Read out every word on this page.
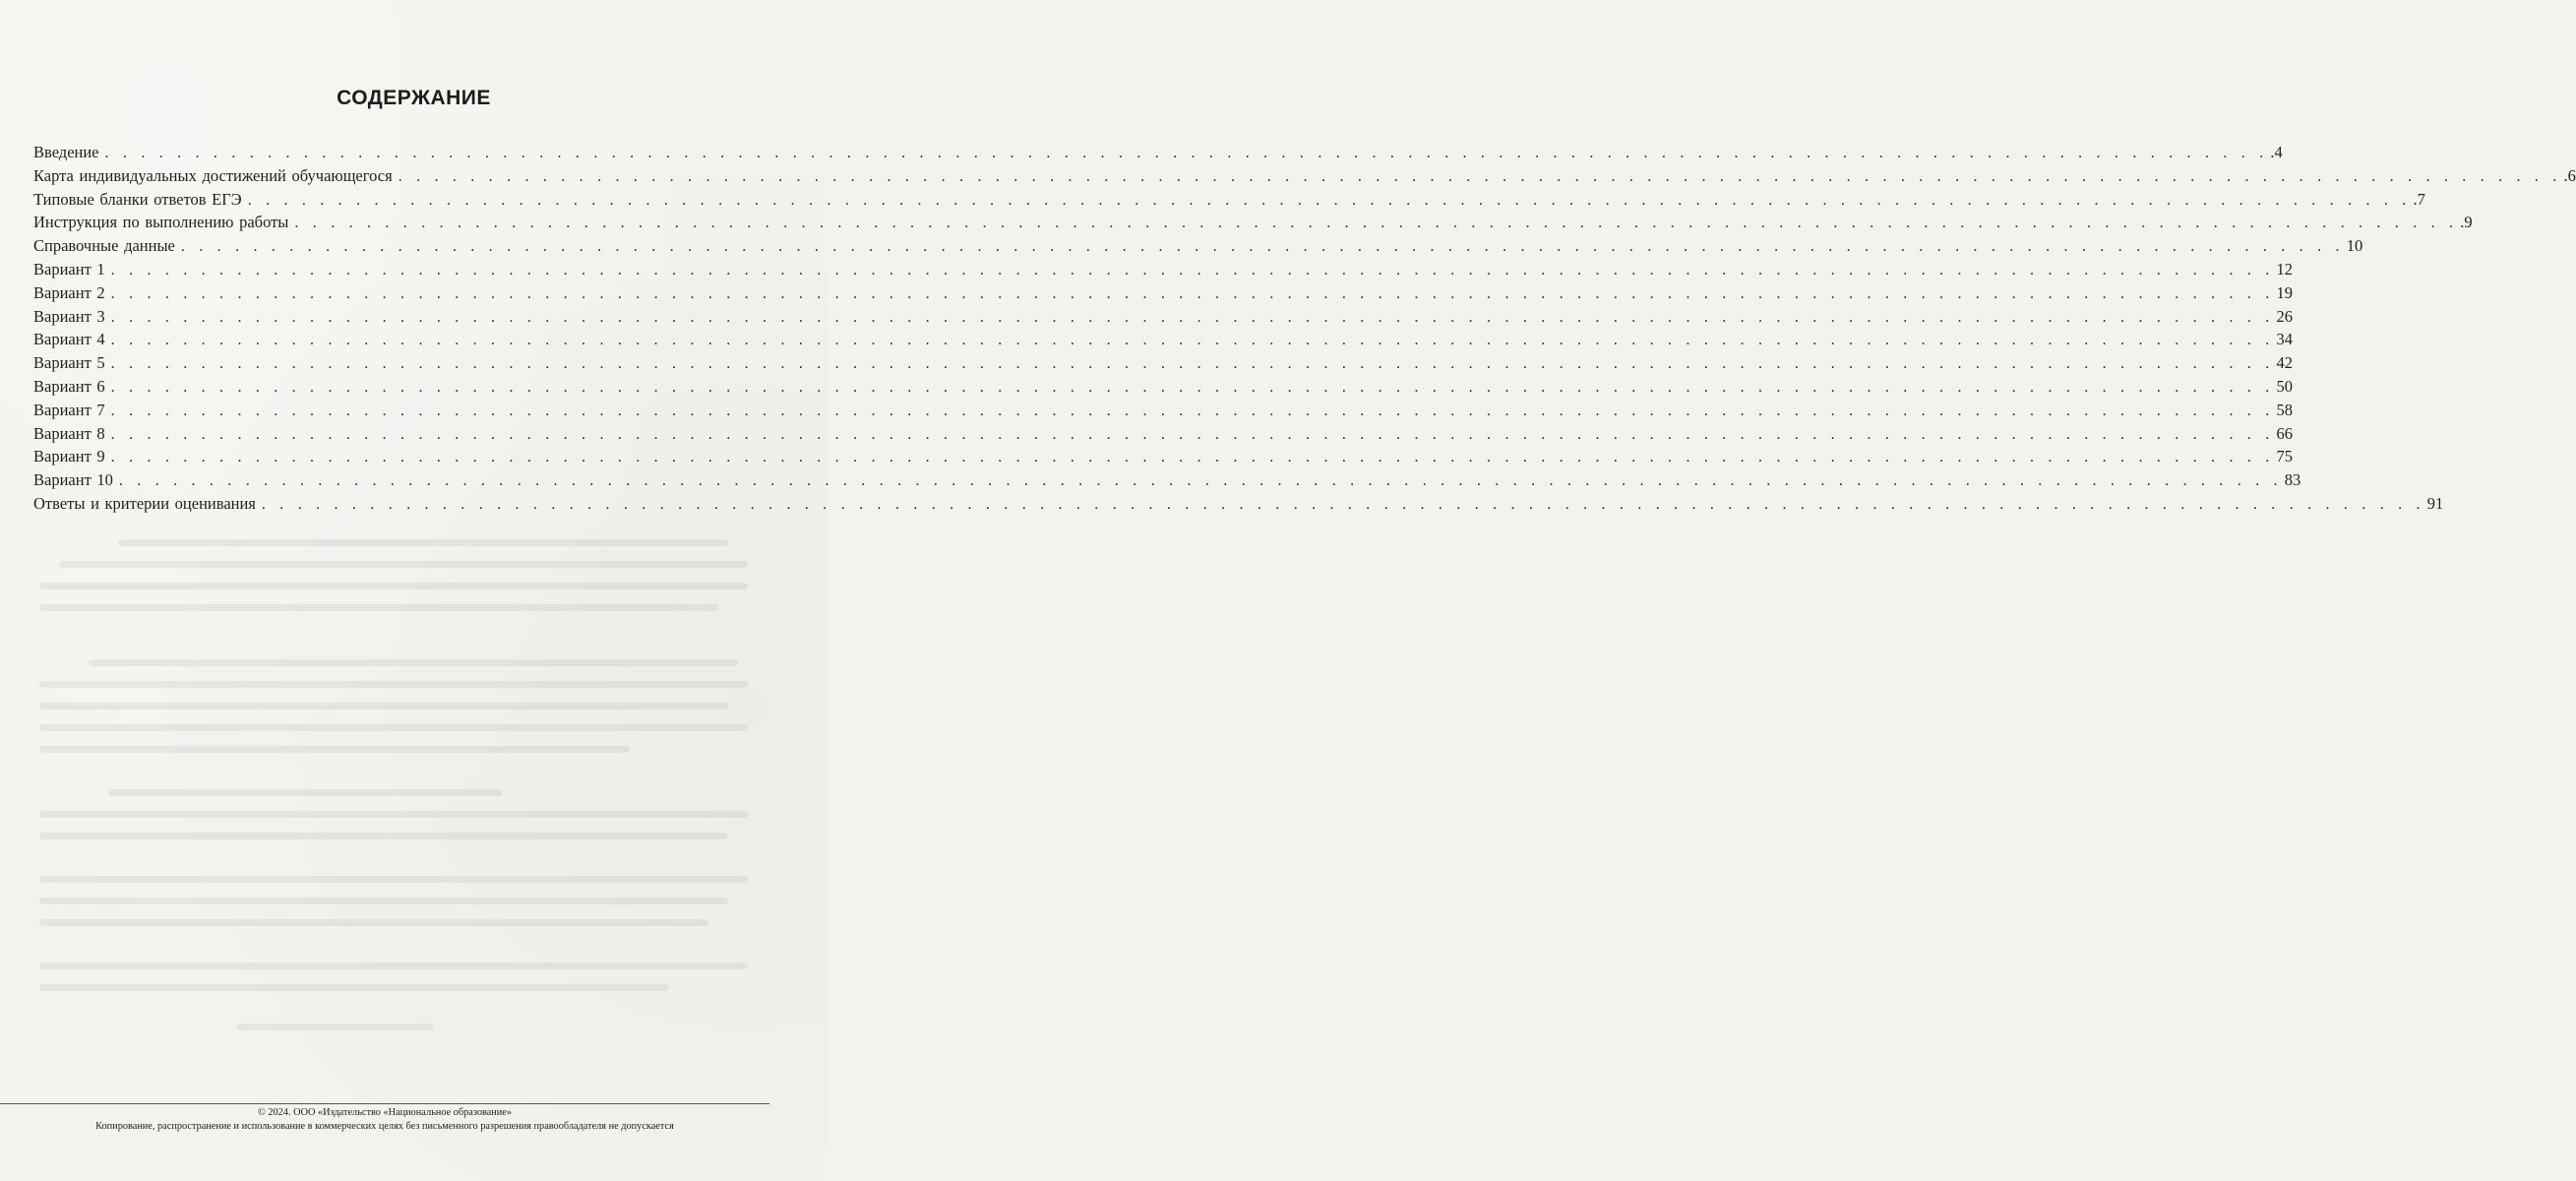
СОДЕРЖАНИЕ
Введение . . . . . . . . . . . . . . . . . . . . . . . . . . . . . . . . . . . . . . . . . . . . . . . . . . . . . . . . . . . . . . . . . . . . . . . . . . . . . . . . . . . . . . . . . . . . . . . . . . . . . . . . . . . . . . . . . . . . . . . . .4
Карта индивидуальных достижений обучающегося . . . . . . . . . . . . . . . . . . . . . . . . . . . . . . . . . . . . . . . . . . . . . . . . . . . . . . . . . . . . . . . . . . . . . . . . . . . . . . . . . . . . . . . . . . . . . . . . . . . . . . . . . . . . . . . . . . . . . . . . .6
Типовые бланки ответов ЕГЭ . . . . . . . . . . . . . . . . . . . . . . . . . . . . . . . . . . . . . . . . . . . . . . . . . . . . . . . . . . . . . . . . . . . . . . . . . . . . . . . . . . . . . . . . . . . . . . . . . . . . . . . . . . . . . . . . . . . . . . . . .7
Инструкция по выполнению работы . . . . . . . . . . . . . . . . . . . . . . . . . . . . . . . . . . . . . . . . . . . . . . . . . . . . . . . . . . . . . . . . . . . . . . . . . . . . . . . . . . . . . . . . . . . . . . . . . . . . . . . . . . . . . . . . . . . . . . . . .9
Справочные данные . . . . . . . . . . . . . . . . . . . . . . . . . . . . . . . . . . . . . . . . . . . . . . . . . . . . . . . . . . . . . . . . . . . . . . . . . . . . . . . . . . . . . . . . . . . . . . . . . . . . . . . . . . . . . . . . . . . . . . . . 10
Вариант 1 . . . . . . . . . . . . . . . . . . . . . . . . . . . . . . . . . . . . . . . . . . . . . . . . . . . . . . . . . . . . . . . . . . . . . . . . . . . . . . . . . . . . . . . . . . . . . . . . . . . . . . . . . . . . . . . . . . . . . . . . 12
Вариант 2 . . . . . . . . . . . . . . . . . . . . . . . . . . . . . . . . . . . . . . . . . . . . . . . . . . . . . . . . . . . . . . . . . . . . . . . . . . . . . . . . . . . . . . . . . . . . . . . . . . . . . . . . . . . . . . . . . . . . . . . . 19
Вариант 3 . . . . . . . . . . . . . . . . . . . . . . . . . . . . . . . . . . . . . . . . . . . . . . . . . . . . . . . . . . . . . . . . . . . . . . . . . . . . . . . . . . . . . . . . . . . . . . . . . . . . . . . . . . . . . . . . . . . . . . . . 26
Вариант 4 . . . . . . . . . . . . . . . . . . . . . . . . . . . . . . . . . . . . . . . . . . . . . . . . . . . . . . . . . . . . . . . . . . . . . . . . . . . . . . . . . . . . . . . . . . . . . . . . . . . . . . . . . . . . . . . . . . . . . . . . 34
Вариант 5 . . . . . . . . . . . . . . . . . . . . . . . . . . . . . . . . . . . . . . . . . . . . . . . . . . . . . . . . . . . . . . . . . . . . . . . . . . . . . . . . . . . . . . . . . . . . . . . . . . . . . . . . . . . . . . . . . . . . . . . . 42
Вариант 6 . . . . . . . . . . . . . . . . . . . . . . . . . . . . . . . . . . . . . . . . . . . . . . . . . . . . . . . . . . . . . . . . . . . . . . . . . . . . . . . . . . . . . . . . . . . . . . . . . . . . . . . . . . . . . . . . . . . . . . . . 50
Вариант 7 . . . . . . . . . . . . . . . . . . . . . . . . . . . . . . . . . . . . . . . . . . . . . . . . . . . . . . . . . . . . . . . . . . . . . . . . . . . . . . . . . . . . . . . . . . . . . . . . . . . . . . . . . . . . . . . . . . . . . . . . 58
Вариант 8 . . . . . . . . . . . . . . . . . . . . . . . . . . . . . . . . . . . . . . . . . . . . . . . . . . . . . . . . . . . . . . . . . . . . . . . . . . . . . . . . . . . . . . . . . . . . . . . . . . . . . . . . . . . . . . . . . . . . . . . . 66
Вариант 9 . . . . . . . . . . . . . . . . . . . . . . . . . . . . . . . . . . . . . . . . . . . . . . . . . . . . . . . . . . . . . . . . . . . . . . . . . . . . . . . . . . . . . . . . . . . . . . . . . . . . . . . . . . . . . . . . . . . . . . . . 75
Вариант 10 . . . . . . . . . . . . . . . . . . . . . . . . . . . . . . . . . . . . . . . . . . . . . . . . . . . . . . . . . . . . . . . . . . . . . . . . . . . . . . . . . . . . . . . . . . . . . . . . . . . . . . . . . . . . . . . . . . . . . . . . 83
Ответы и критерии оценивания . . . . . . . . . . . . . . . . . . . . . . . . . . . . . . . . . . . . . . . . . . . . . . . . . . . . . . . . . . . . . . . . . . . . . . . . . . . . . . . . . . . . . . . . . . . . . . . . . . . . . . . . . . . . . . . . . . . . . . . . 91
© 2024. ООО «Издательство «Национальное образование»
Копирование, распространение и использование в коммерческих целях без письменного разрешения правообладателя не допускается
